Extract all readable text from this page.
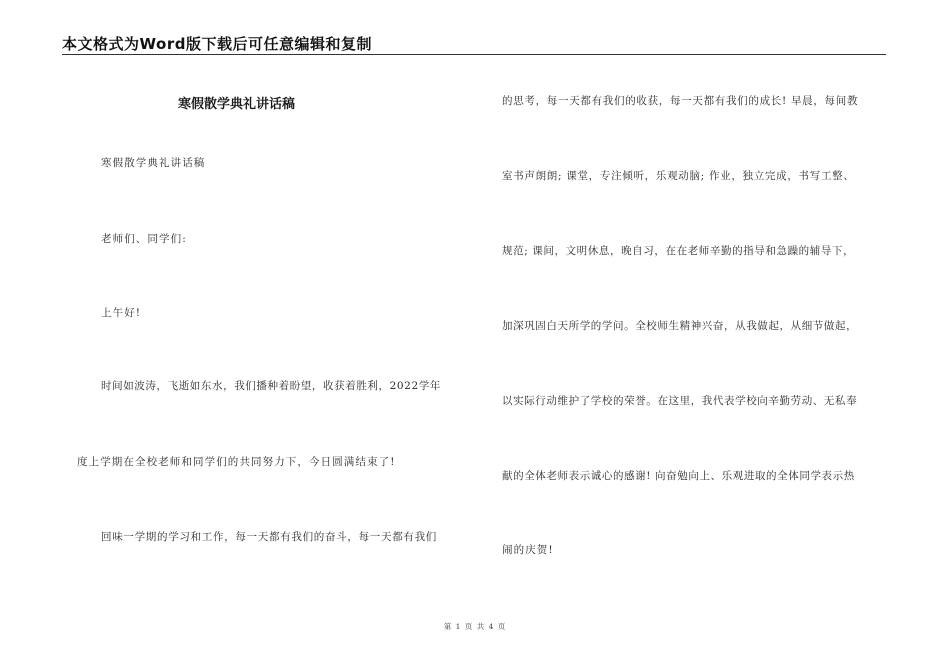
本文格式为Word版下载后可任意编辑和复制
寒假散学典礼讲话稿
寒假散学典礼讲话稿
老师们、同学们:
上午好!
时间如波涛，飞逝如东水，我们播种着盼望，收获着胜利，2022学年
度上学期在全校老师和同学们的共同努力下，今日圆满结束了!
回味一学期的学习和工作，每一天都有我们的奋斗，每一天都有我们
的思考，每一天都有我们的收获，每一天都有我们的成长! 早晨，每间教
室书声朗朗; 课堂，专注倾听，乐观动脑; 作业，独立完成，书写工整、
规范; 课间，文明休息，晚自习，在在老师辛勤的指导和急躁的辅导下，
加深巩固白天所学的学问。全校师生精神兴奋，从我做起，从细节做起，
以实际行动维护了学校的荣誉。在这里，我代表学校向辛勤劳动、无私奉
献的全体老师表示诚心的感谢! 向奋勉向上、乐观进取的全体同学表示热
闹的庆贺!
第 1 页 共 4 页
